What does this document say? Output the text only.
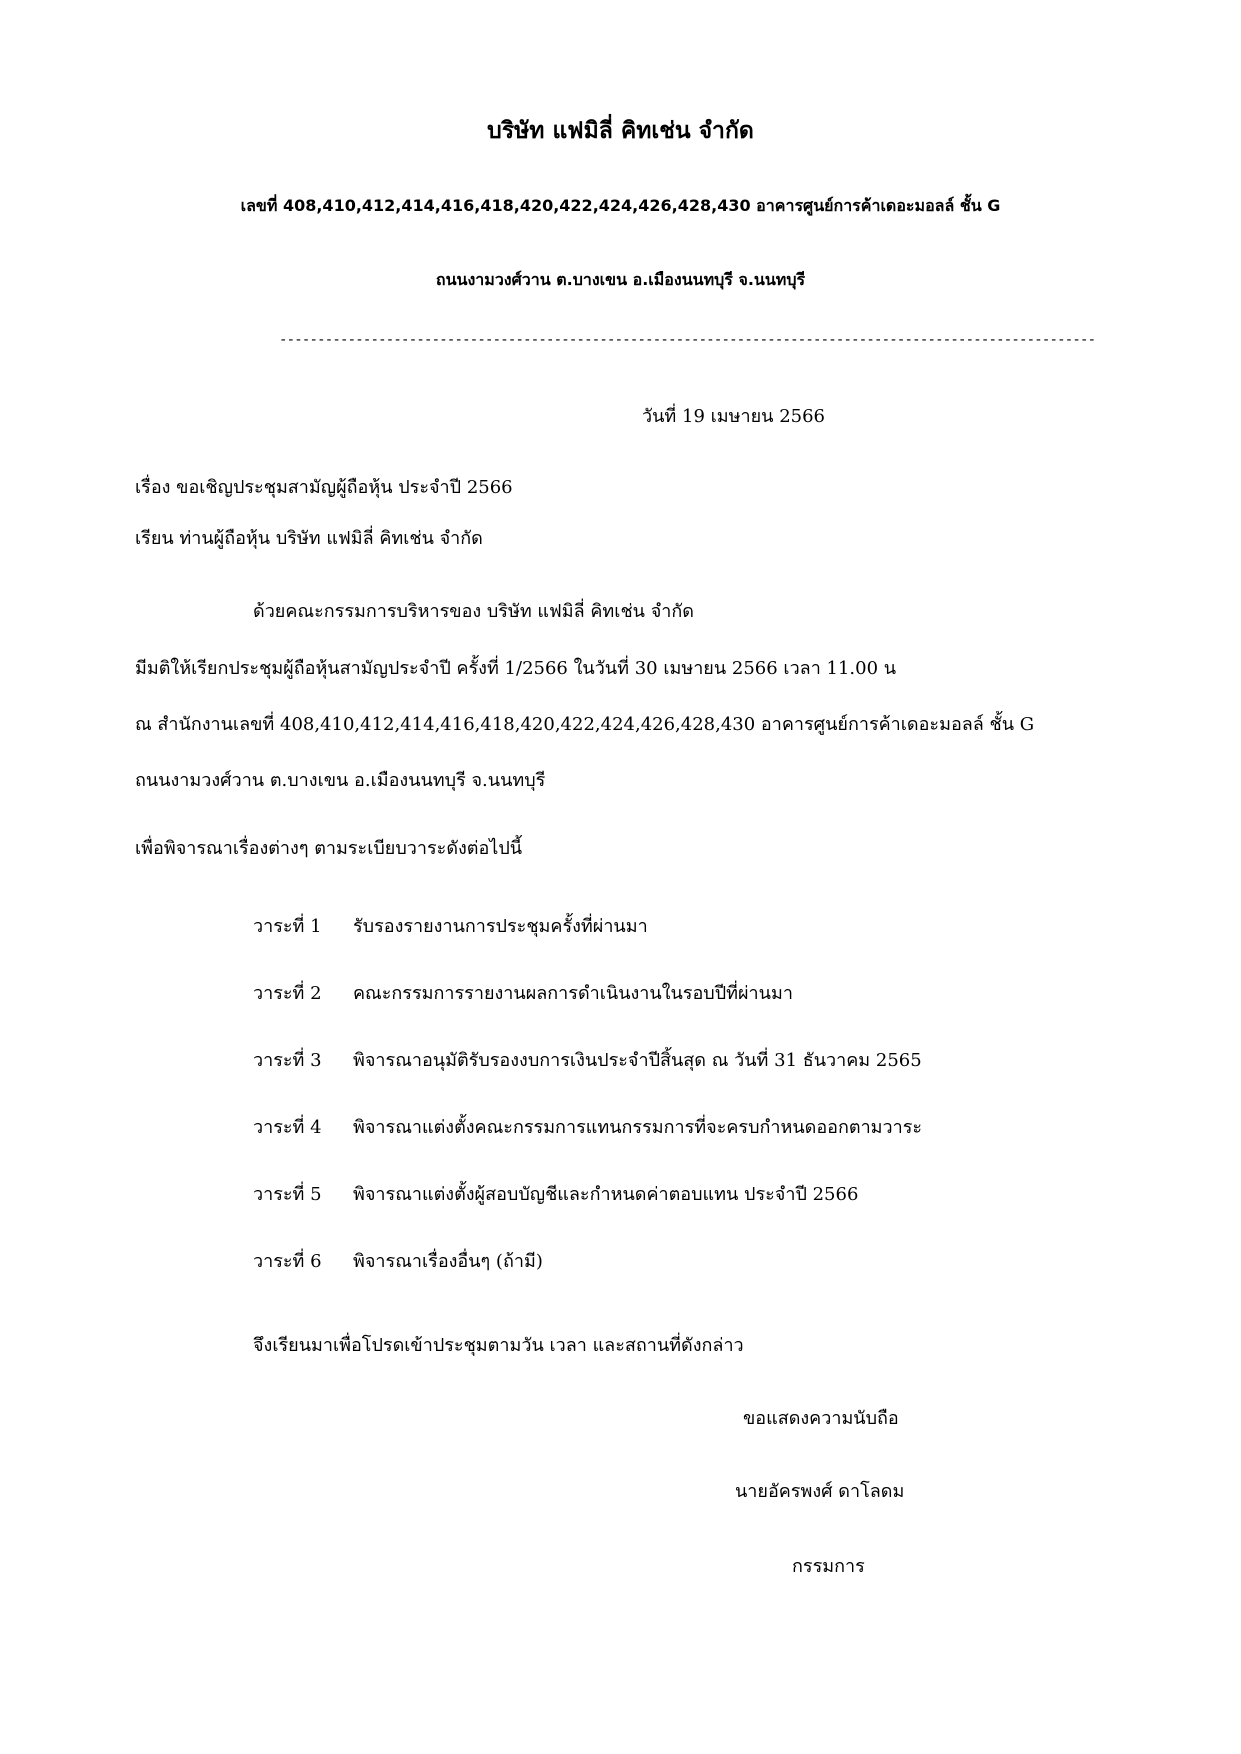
บริษัท แฟมิลี่ คิทเช่น จำกัด
เลขที่ 408,410,412,414,416,418,420,422,424,426,428,430 อาคารศูนย์การค้าเดอะมอลล์ ชั้น G
ถนนงามวงศ์วาน ต.บางเขน อ.เมืองนนทบุรี จ.นนทบุรี
-----------------------------------------------------------------------------------------------------------
วันที่ 19 เมษายน 2566
เรื่อง ขอเชิญประชุมสามัญผู้ถือหุ้น ประจำปี 2566
เรียน ท่านผู้ถือหุ้น บริษัท แฟมิลี่ คิทเช่น จำกัด
ด้วยคณะกรรมการบริหารของ บริษัท แฟมิลี่ คิทเช่น จำกัด
มีมติให้เรียกประชุมผู้ถือหุ้นสามัญประจำปี ครั้งที่ 1/2566 ในวันที่ 30 เมษายน 2566 เวลา 11.00 น
ณ สำนักงานเลขที่ 408,410,412,414,416,418,420,422,424,426,428,430 อาคารศูนย์การค้าเดอะมอลล์ ชั้น G
ถนนงามวงศ์วาน ต.บางเขน อ.เมืองนนทบุรี จ.นนทบุรี
เพื่อพิจารณาเรื่องต่างๆ ตามระเบียบวาระดังต่อไปนี้
วาระที่ 1 รับรองรายงานการประชุมครั้งที่ผ่านมา
วาระที่ 2 คณะกรรมการรายงานผลการดำเนินงานในรอบปีที่ผ่านมา
วาระที่ 3 พิจารณาอนุมัติรับรองงบการเงินประจำปีสิ้นสุด ณ วันที่ 31 ธันวาคม 2565
วาระที่ 4 พิจารณาแต่งตั้งคณะกรรมการแทนกรรมการที่จะครบกำหนดออกตามวาระ
วาระที่ 5 พิจารณาแต่งตั้งผู้สอบบัญชีและกำหนดค่าตอบแทน ประจำปี 2566
วาระที่ 6 พิจารณาเรื่องอื่นๆ (ถ้ามี)
จึงเรียนมาเพื่อโปรดเข้าประชุมตามวัน เวลา และสถานที่ดังกล่าว
ขอแสดงความนับถือ
นายอัครพงศ์ ดาโลดม
กรรมการ
